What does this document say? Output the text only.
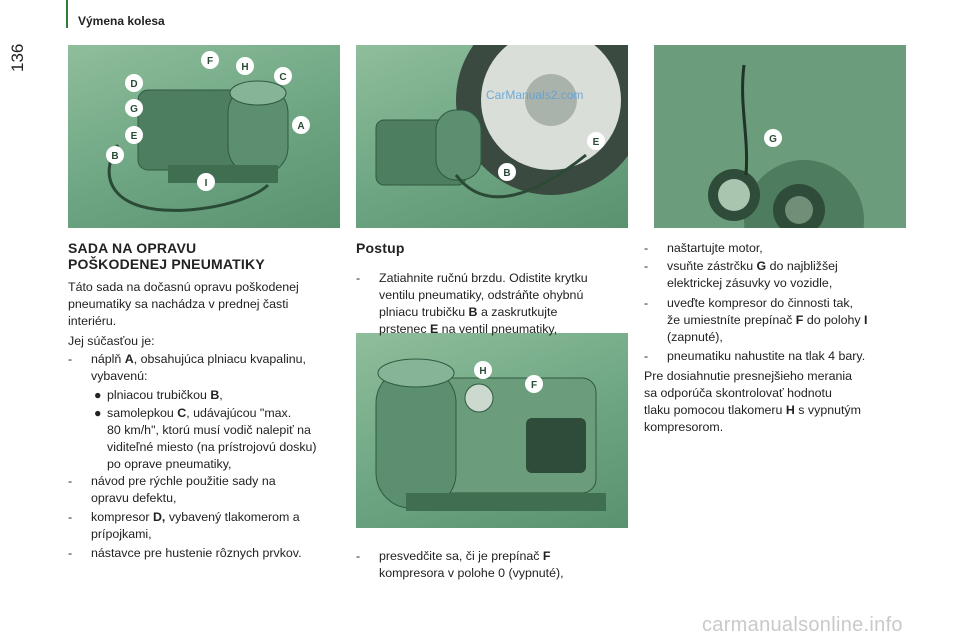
136
Výmena kolesa
F
H
C
D
G
A
E
B
I
E
B
CarManuals2.com
G
H
F
SADA NA OPRAVU
POŠKODENEJ PNEUMATIKY
Táto sada na dočasnú opravu poškodenej
pneumatiky sa nachádza v prednej časti
interiéru.
Jej súčasťou je:
- náplň A, obsahujúca plniacu kvapalinu,
vybavenú:
● plniacou trubičkou B,
● samolepkou C, udávajúcou "max.
80 km/h", ktorú musí vodič nalepiť na
viditeľné miesto (na prístrojovú dosku)
po oprave pneumatiky,
- návod pre rýchle použitie sady na
opravu defektu,
- kompresor D, vybavený tlakomerom a
prípojkami,
- nástavce pre hustenie rôznych prvkov.
Postup
- Zatiahnite ručnú brzdu. Odistite krytku
ventilu pneumatiky, odstráňte ohybnú
plniacu trubičku B a zaskrutkujte
prstenec E na ventil pneumatiky,
- presvedčite sa, či je prepínač F
kompresora v polohe 0 (vypnuté),
- naštartujte motor,
- vsuňte zástrčku G do najbližšej
elektrickej zásuvky vo vozidle,
- uveďte kompresor do činnosti tak,
že umiestníte prepínač F do polohy I
(zapnuté),
- pneumatiku nahustite na tlak 4 bary.
Pre dosiahnutie presnejšieho merania
sa odporúča skontrolovať hodnotu
tlaku pomocou tlakomeru H s vypnutým
kompresorom.
carmanualsonline.info
